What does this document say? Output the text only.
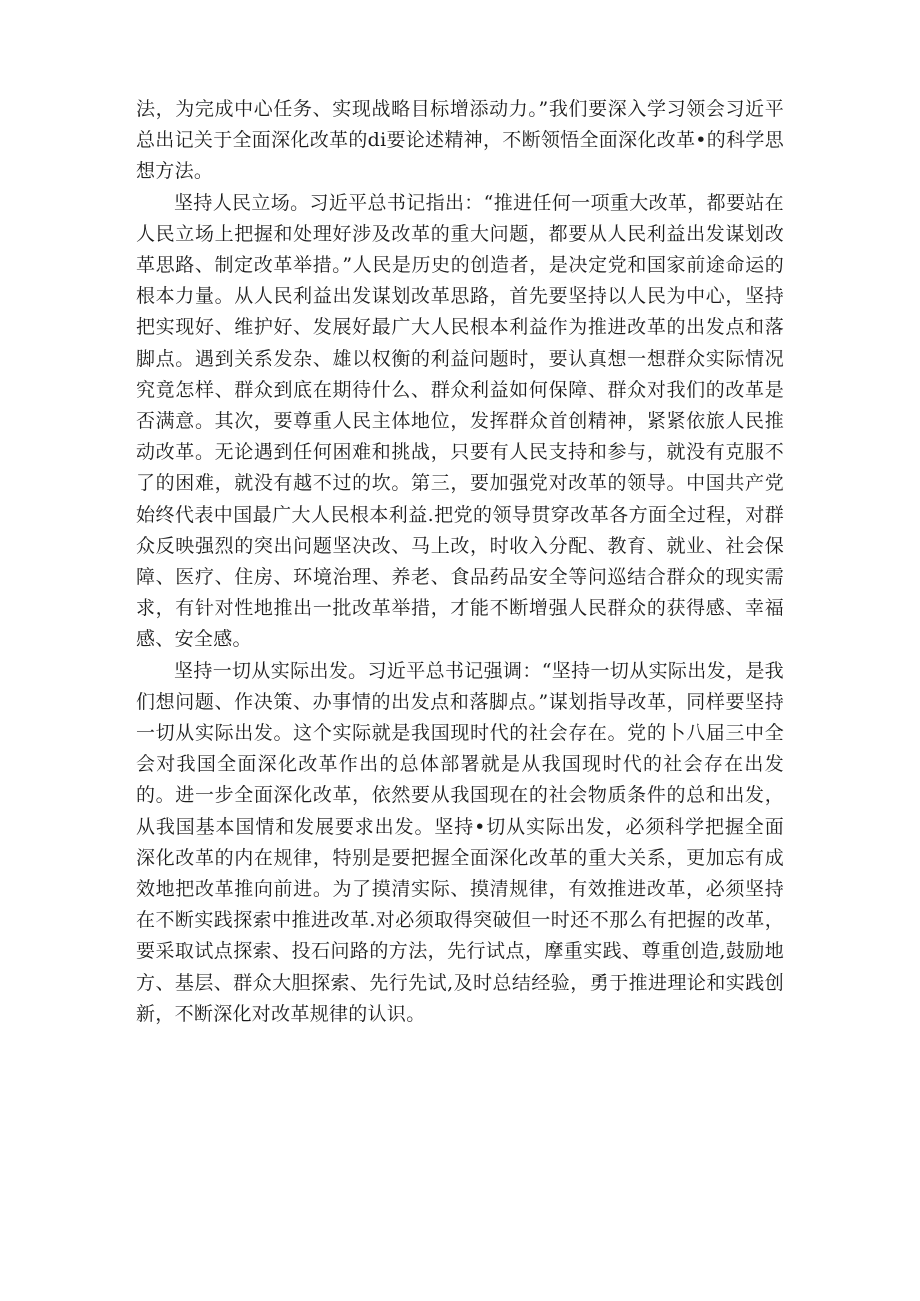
法，为完成中心任务、实现战略目标增添动力。”我们要深入学习领会习近平总出记关于全面深化改革的di要论述精神，不断领悟全面深化改革•的科学思想方法。

坚持人民立场。习近平总书记指出：“推进任何一项重大改革，都要站在人民立场上把握和处理好涉及改革的重大问题，都要从人民利益出发谋划改革思路、制定改革举措。”人民是历史的创造者，是决定党和国家前途命运的根本力量。从人民利益出发谋划改革思路，首先要坚持以人民为中心，坚持把实现好、维护好、发展好最广大人民根本利益作为推进改革的出发点和落脚点。遇到关系发杂、雄以权衡的利益问题时，要认真想一想群众实际情况究竟怎样、群众到底在期待什么、群众利益如何保障、群众对我们的改革是否满意。其次，要尊重人民主体地位，发挥群众首创精神，紧紧依旅人民推动改革。无论遇到任何困难和挑战，只要有人民支持和参与，就没有克服不了的困难，就没有越不过的坎。第三，要加强党对改革的领导。中国共产党始终代表中国最广大人民根本利益.把党的领导贯穿改革各方面全过程，对群众反映强烈的突出问题坚决改、马上改，时收入分配、教育、就业、社会保障、医疗、住房、环境治理、养老、食品药品安全等问巡结合群众的现实需求，有针对性地推出一批改革举措，才能不断增强人民群众的获得感、幸福感、安全感。

坚持一切从实际出发。习近平总书记强调：“坚持一切从实际出发，是我们想问题、作决策、办事情的出发点和落脚点。”谋划指导改革，同样要坚持一切从实际出发。这个实际就是我国现时代的社会存在。党的卜八届三中全会对我国全面深化改革作出的总体部署就是从我国现时代的社会存在出发的。进一步全面深化改革，依然要从我国现在的社会物质条件的总和出发，从我国基本国情和发展要求出发。坚持•切从实际出发，必须科学把握全面深化改革的内在规律，特别是要把握全面深化改革的重大关系，更加忘有成效地把改革推向前进。为了摸清实际、摸清规律，有效推进改革，必须坚持在不断实践探索中推进改革.对必须取得突破但一时还不那么有把握的改革，要采取试点探索、投石问路的方法，先行试点，摩重实践、尊重创造,鼓励地方、基层、群众大胆探索、先行先试,及时总结经验，勇于推进理论和实践创新，不断深化对改革规律的认识。
